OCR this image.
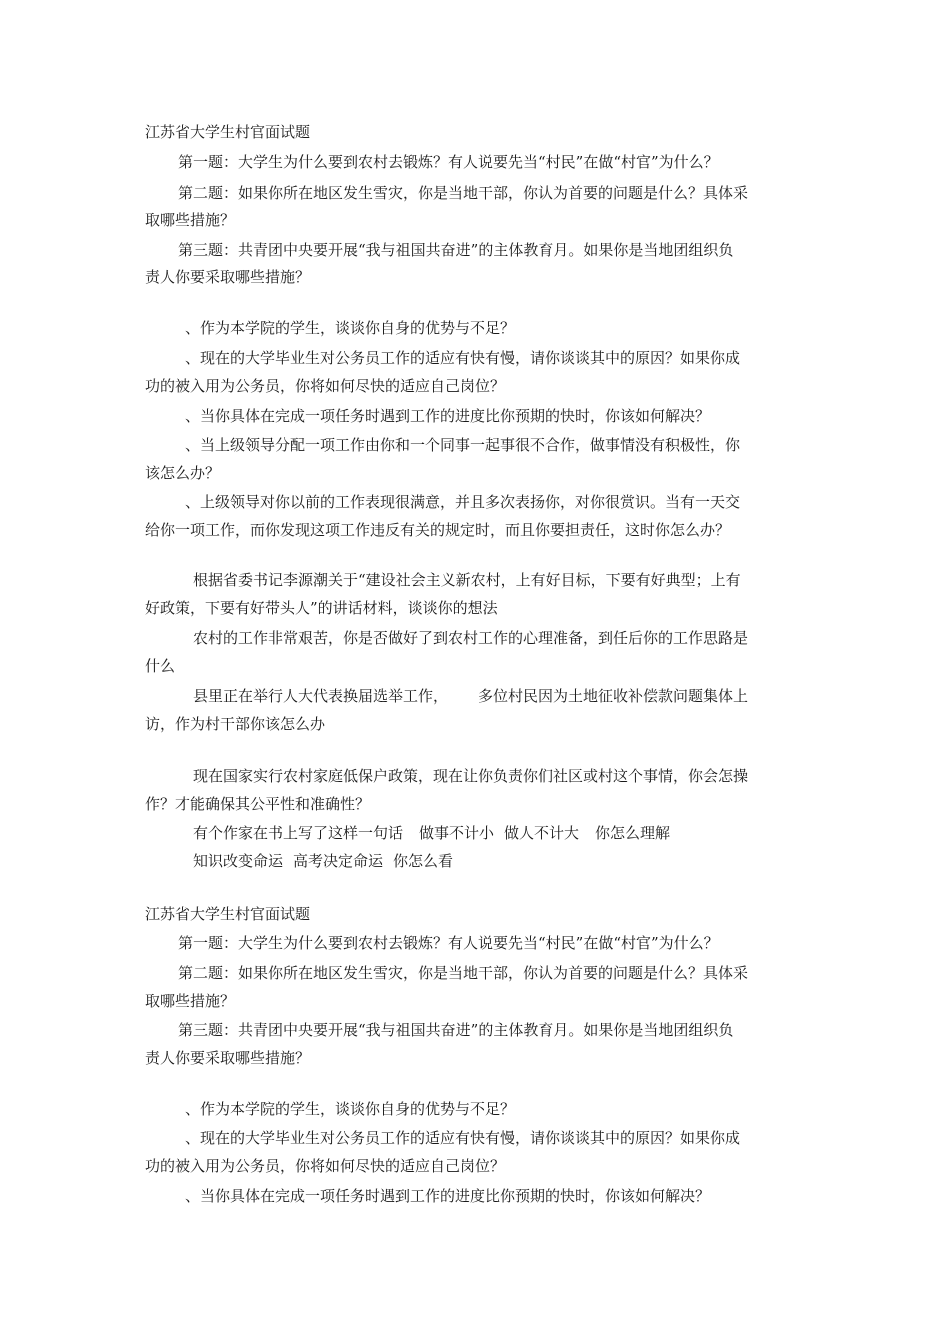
江苏省大学生村官面试题
第一题：大学生为什么要到农村去锻炼？有人说要先当“村民”在做“村官”为什么？
第二题：如果你所在地区发生雪灾，你是当地干部，你认为首要的问题是什么？具体采
取哪些措施？
第三题：共青团中央要开展“我与祖国共奋进”的主体教育月。如果你是当地团组织负
责人你要采取哪些措施？
、作为本学院的学生，谈谈你自身的优势与不足？
、现在的大学毕业生对公务员工作的适应有快有慢，请你谈谈其中的原因？如果你成
功的被入用为公务员，你将如何尽快的适应自己岗位？
、当你具体在完成一项任务时遇到工作的进度比你预期的快时，你该如何解决？
、当上级领导分配一项工作由你和一个同事一起事很不合作，做事情没有积极性，你
该怎么办？
、上级领导对你以前的工作表现很满意，并且多次表扬你，对你很赏识。当有一天交
给你一项工作，而你发现这项工作违反有关的规定时，而且你要担责任，这时你怎么办？
根据省委书记李源潮关于“建设社会主义新农村，上有好目标，下要有好典型；上有
好政策，下要有好带头人”的讲话材料，谈谈你的想法
农村的工作非常艰苦，你是否做好了到农村工作的心理准备，到任后你的工作思路是
什么
县里正在举行人大代表换届选举工作， 多位村民因为土地征收补偿款问题集体上
访，作为村干部你该怎么办
现在国家实行农村家庭低保户政策，现在让你负责你们社区或村这个事情，你会怎操
作？才能确保其公平性和准确性？
有个作家在书上写了这样一句话 做事不计小 做人不计大 你怎么理解
知识改变命运 高考决定命运 你怎么看
江苏省大学生村官面试题
第一题：大学生为什么要到农村去锻炼？有人说要先当“村民”在做“村官”为什么？
第二题：如果你所在地区发生雪灾，你是当地干部，你认为首要的问题是什么？具体采
取哪些措施？
第三题：共青团中央要开展“我与祖国共奋进”的主体教育月。如果你是当地团组织负
责人你要采取哪些措施？
、作为本学院的学生，谈谈你自身的优势与不足？
、现在的大学毕业生对公务员工作的适应有快有慢，请你谈谈其中的原因？如果你成
功的被入用为公务员，你将如何尽快的适应自己岗位？
、当你具体在完成一项任务时遇到工作的进度比你预期的快时，你该如何解决？
